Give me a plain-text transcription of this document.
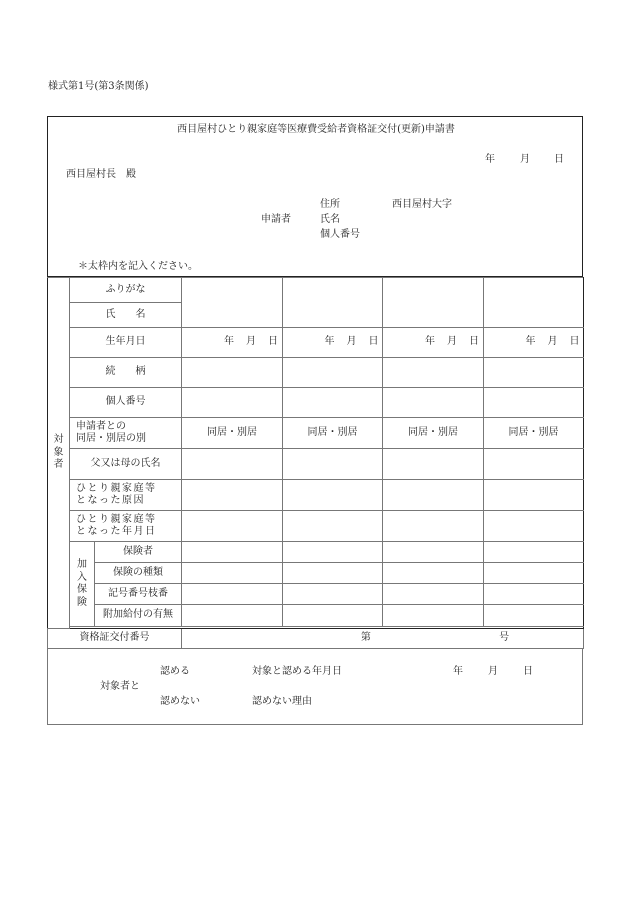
様式第1号(第3条関係)
西目屋村ひとり親家庭等医療費受給者資格証交付(更新)申請書
年	月 日
西目屋村長　殿
申請者
住所	西目屋村大字
氏名
個人番号
＊太枠内を記入ください。
対
象
者	ふりがな					
	氏　　名					
	生年月日		年 月 日	年 月 日	年 月 日	年 月 日
	続　　柄					
	個人番号					
	申請者との
同居・別居の別		同居・別居	同居・別居	同居・別居	同居・別居
	父又は母の氏名					
	ひとり親家庭等
となった原因					
	ひとり親家庭等
となった年月日					

	加
入
保
険	保険者				
		保険の種類				
		記号番号枝番				
		附加給付の有無				

資格証交付番号			第 号			
対象者と
認める	対象と認める年月日	年	月	日
認めない	認めない理由
